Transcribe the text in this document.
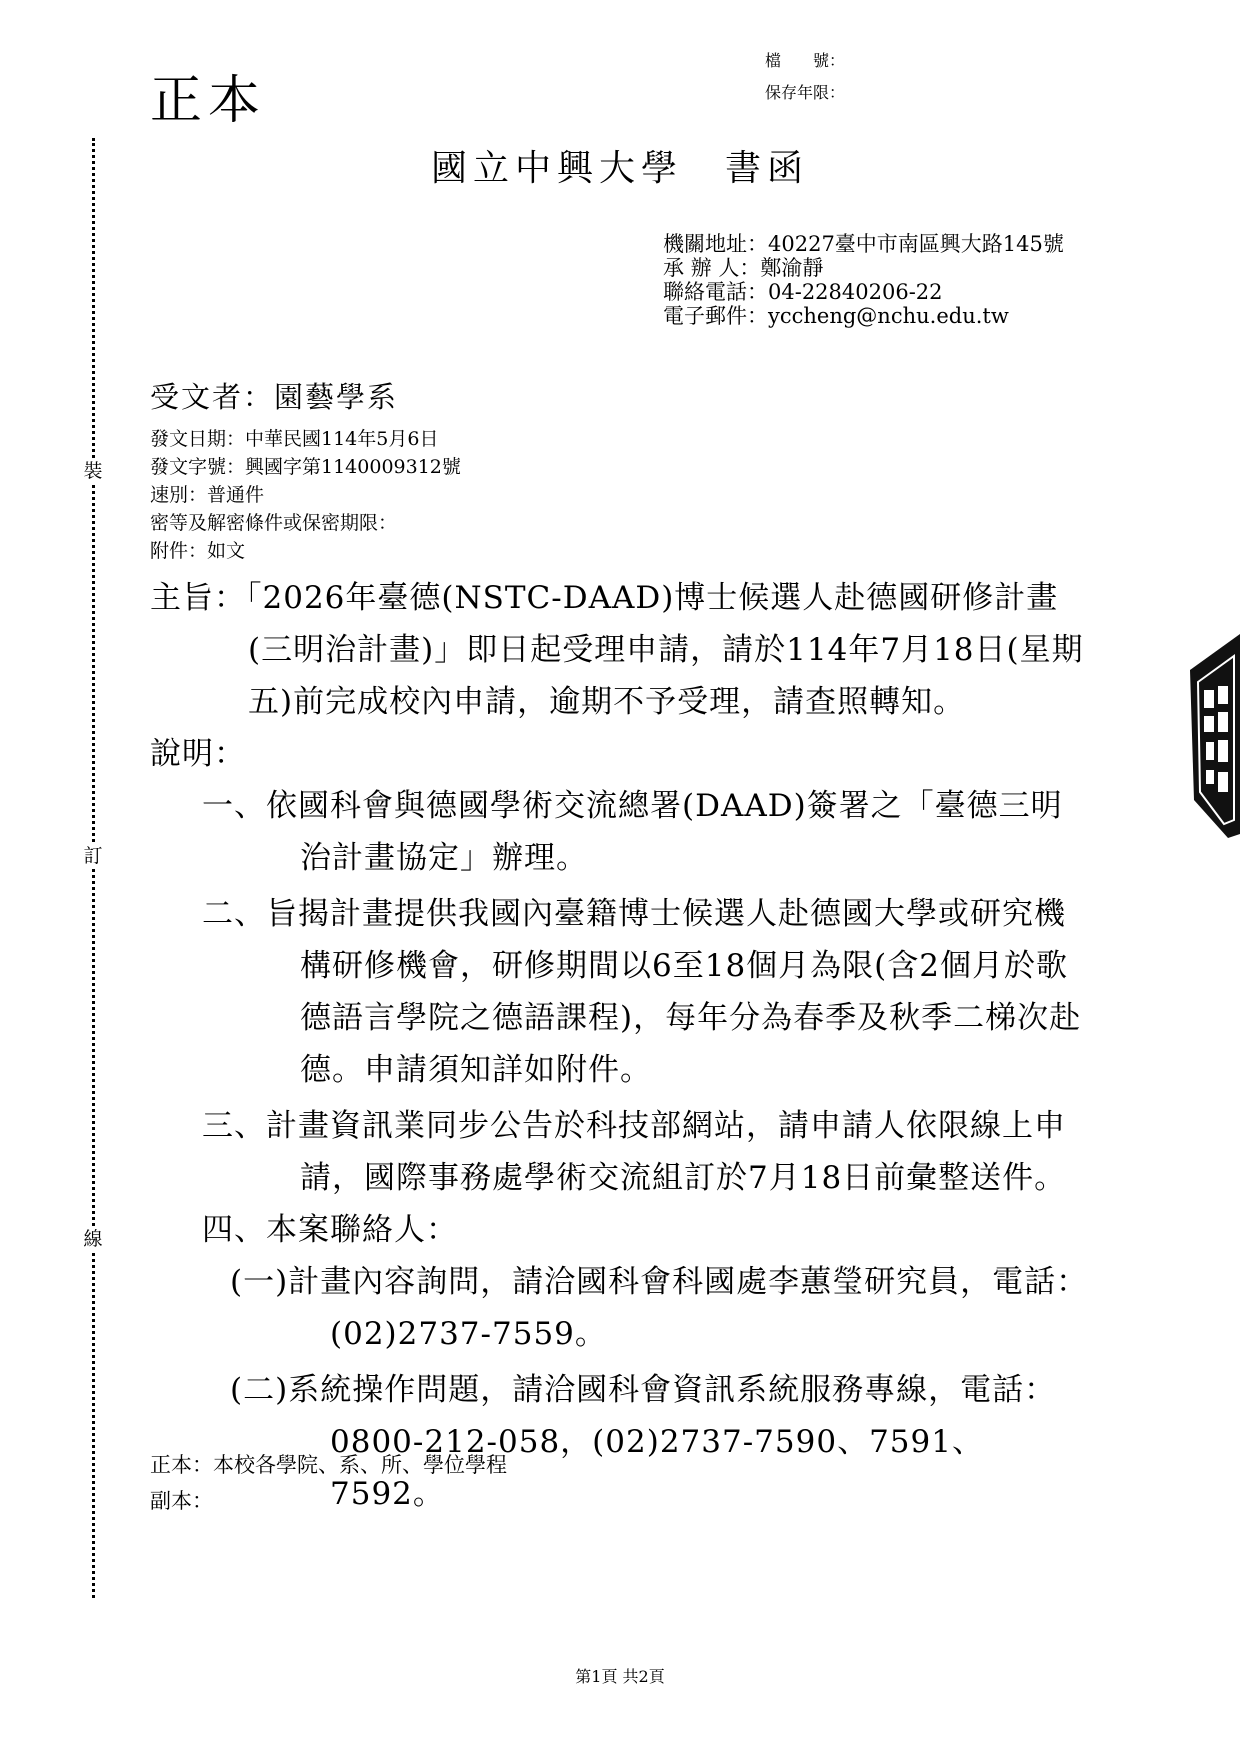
正本
檔　　號：
保存年限：
國立中興大學　書函
機關地址：40227臺中市南區興大路145號
承 辦 人：鄭渝靜
聯絡電話：04-22840206-22
電子郵件：yccheng@nchu.edu.tw
受文者：園藝學系
發文日期：中華民國114年5月6日
發文字號：興國字第1140009312號
速別：普通件
密等及解密條件或保密期限：
附件：如文
主旨：「2026年臺德(NSTC-DAAD)博士候選人赴德國研修計畫(三明治計畫)」即日起受理申請，請於114年7月18日(星期五)前完成校內申請，逾期不予受理，請查照轉知。
說明：
一、依國科會與德國學術交流總署(DAAD)簽署之「臺德三明治計畫協定」辦理。
二、旨揭計畫提供我國內臺籍博士候選人赴德國大學或研究機構研修機會，研修期間以6至18個月為限(含2個月於歌德語言學院之德語課程)，每年分為春季及秋季二梯次赴德。申請須知詳如附件。
三、計畫資訊業同步公告於科技部網站，請申請人依限線上申請，國際事務處學術交流組訂於7月18日前彙整送件。
四、本案聯絡人：
(一)計畫內容詢問，請洽國科會科國處李蕙瑩研究員，電話：(02)2737-7559。
(二)系統操作問題，請洽國科會資訊系統服務專線，電話：0800-212-058，(02)2737-7590、7591、7592。
正本：本校各學院、系、所、學位學程
副本：
第1頁 共2頁
裝
訂
線
